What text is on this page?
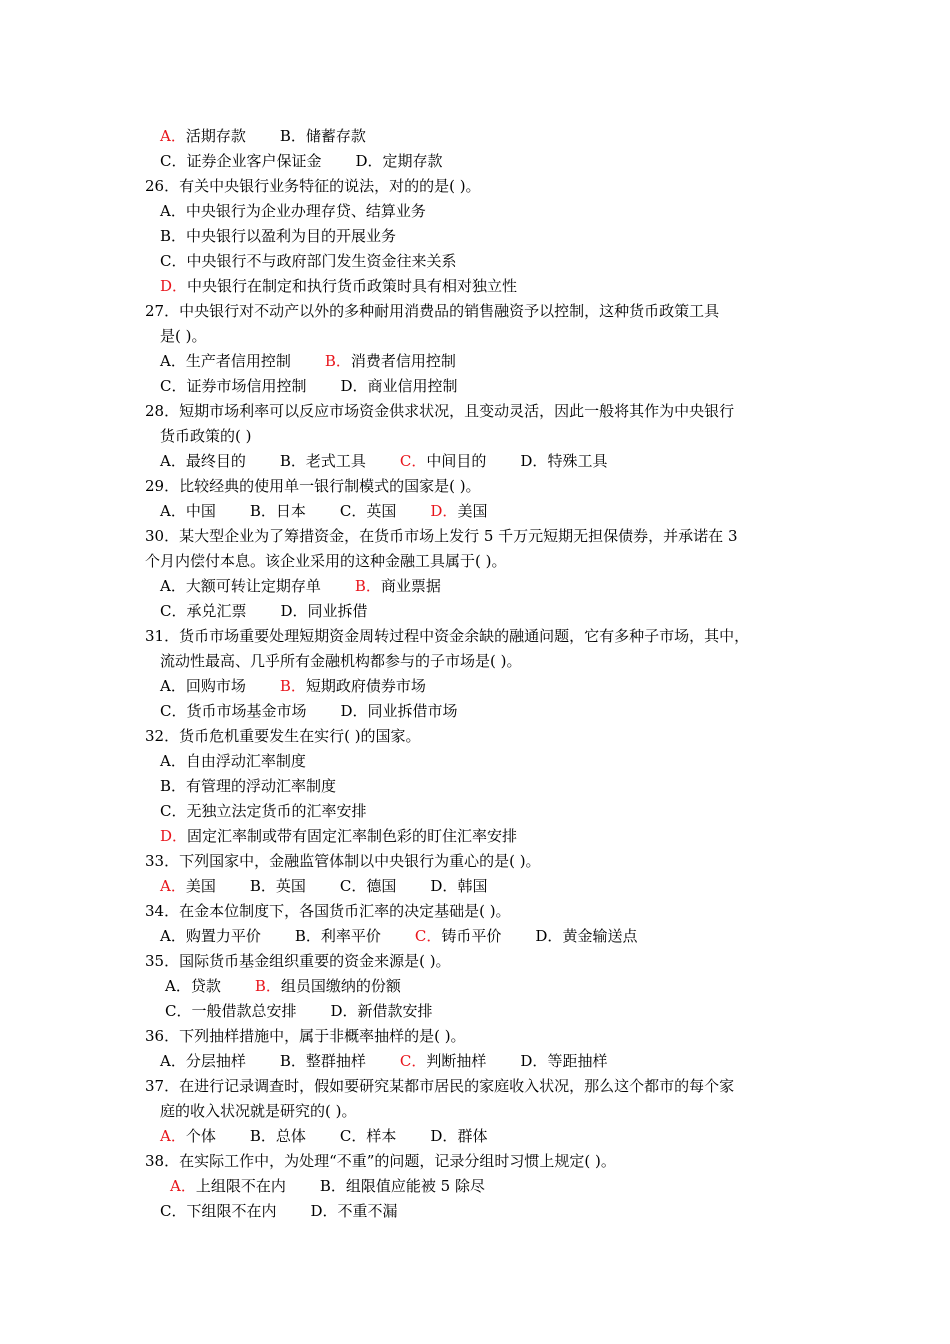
A．活期存款 B．储蓄存款
C．证券企业客户保证金 D．定期存款
26．有关中央银行业务特征的说法，对的的是( )。
A．中央银行为企业办理存贷、结算业务
B．中央银行以盈利为目的开展业务
C．中央银行不与政府部门发生资金往来关系
D．中央银行在制定和执行货币政策时具有相对独立性
27．中央银行对不动产以外的多种耐用消费品的销售融资予以控制，这种货币政策工具
是( )。
A．生产者信用控制 B．消费者信用控制
C．证券市场信用控制 D．商业信用控制
28．短期市场利率可以反应市场资金供求状况，且变动灵活，因此一般将其作为中央银行
货币政策的( )
A．最终目的 B．老式工具 C．中间目的 D．特殊工具
29．比较经典的使用单一银行制模式的国家是( )。
A．中国 B．日本 C．英国 D．美国
30．某大型企业为了筹措资金，在货币市场上发行 5 千万元短期无担保债券，并承诺在 3
个月内偿付本息。该企业采用的这种金融工具属于( )。
A．大额可转让定期存单 B．商业票据
C．承兑汇票 D．同业拆借
31．货币市场重要处理短期资金周转过程中资金余缺的融通问题，它有多种子市场，其中，
流动性最高、几乎所有金融机构都参与的子市场是( )。
A．回购市场 B．短期政府债券市场
C．货币市场基金市场 D．同业拆借市场
32．货币危机重要发生在实行( )的国家。
A．自由浮动汇率制度
B．有管理的浮动汇率制度
C．无独立法定货币的汇率安排
D．固定汇率制或带有固定汇率制色彩的盯住汇率安排
33．下列国家中，金融监管体制以中央银行为重心的是( )。
A．美国 B．英国 C．德国 D．韩国
34．在金本位制度下，各国货币汇率的决定基础是( )。
A．购置力平价 B．利率平价 C．铸币平价 D．黄金输送点
35．国际货币基金组织重要的资金来源是( )。
A．贷款 B．组员国缴纳的份额
C．一般借款总安排 D．新借款安排
36．下列抽样措施中，属于非概率抽样的是( )。
A．分层抽样 B．整群抽样 C．判断抽样 D．等距抽样
37．在进行记录调查时，假如要研究某都市居民的家庭收入状况，那么这个都市的每个家
庭的收入状况就是研究的( )。
A．个体 B．总体 C．样本 D．群体
38．在实际工作中，为处理“不重”的问题，记录分组时习惯上规定( )。
A．上组限不在内 B．组限值应能被 5 除尽
C．下组限不在内 D．不重不漏
